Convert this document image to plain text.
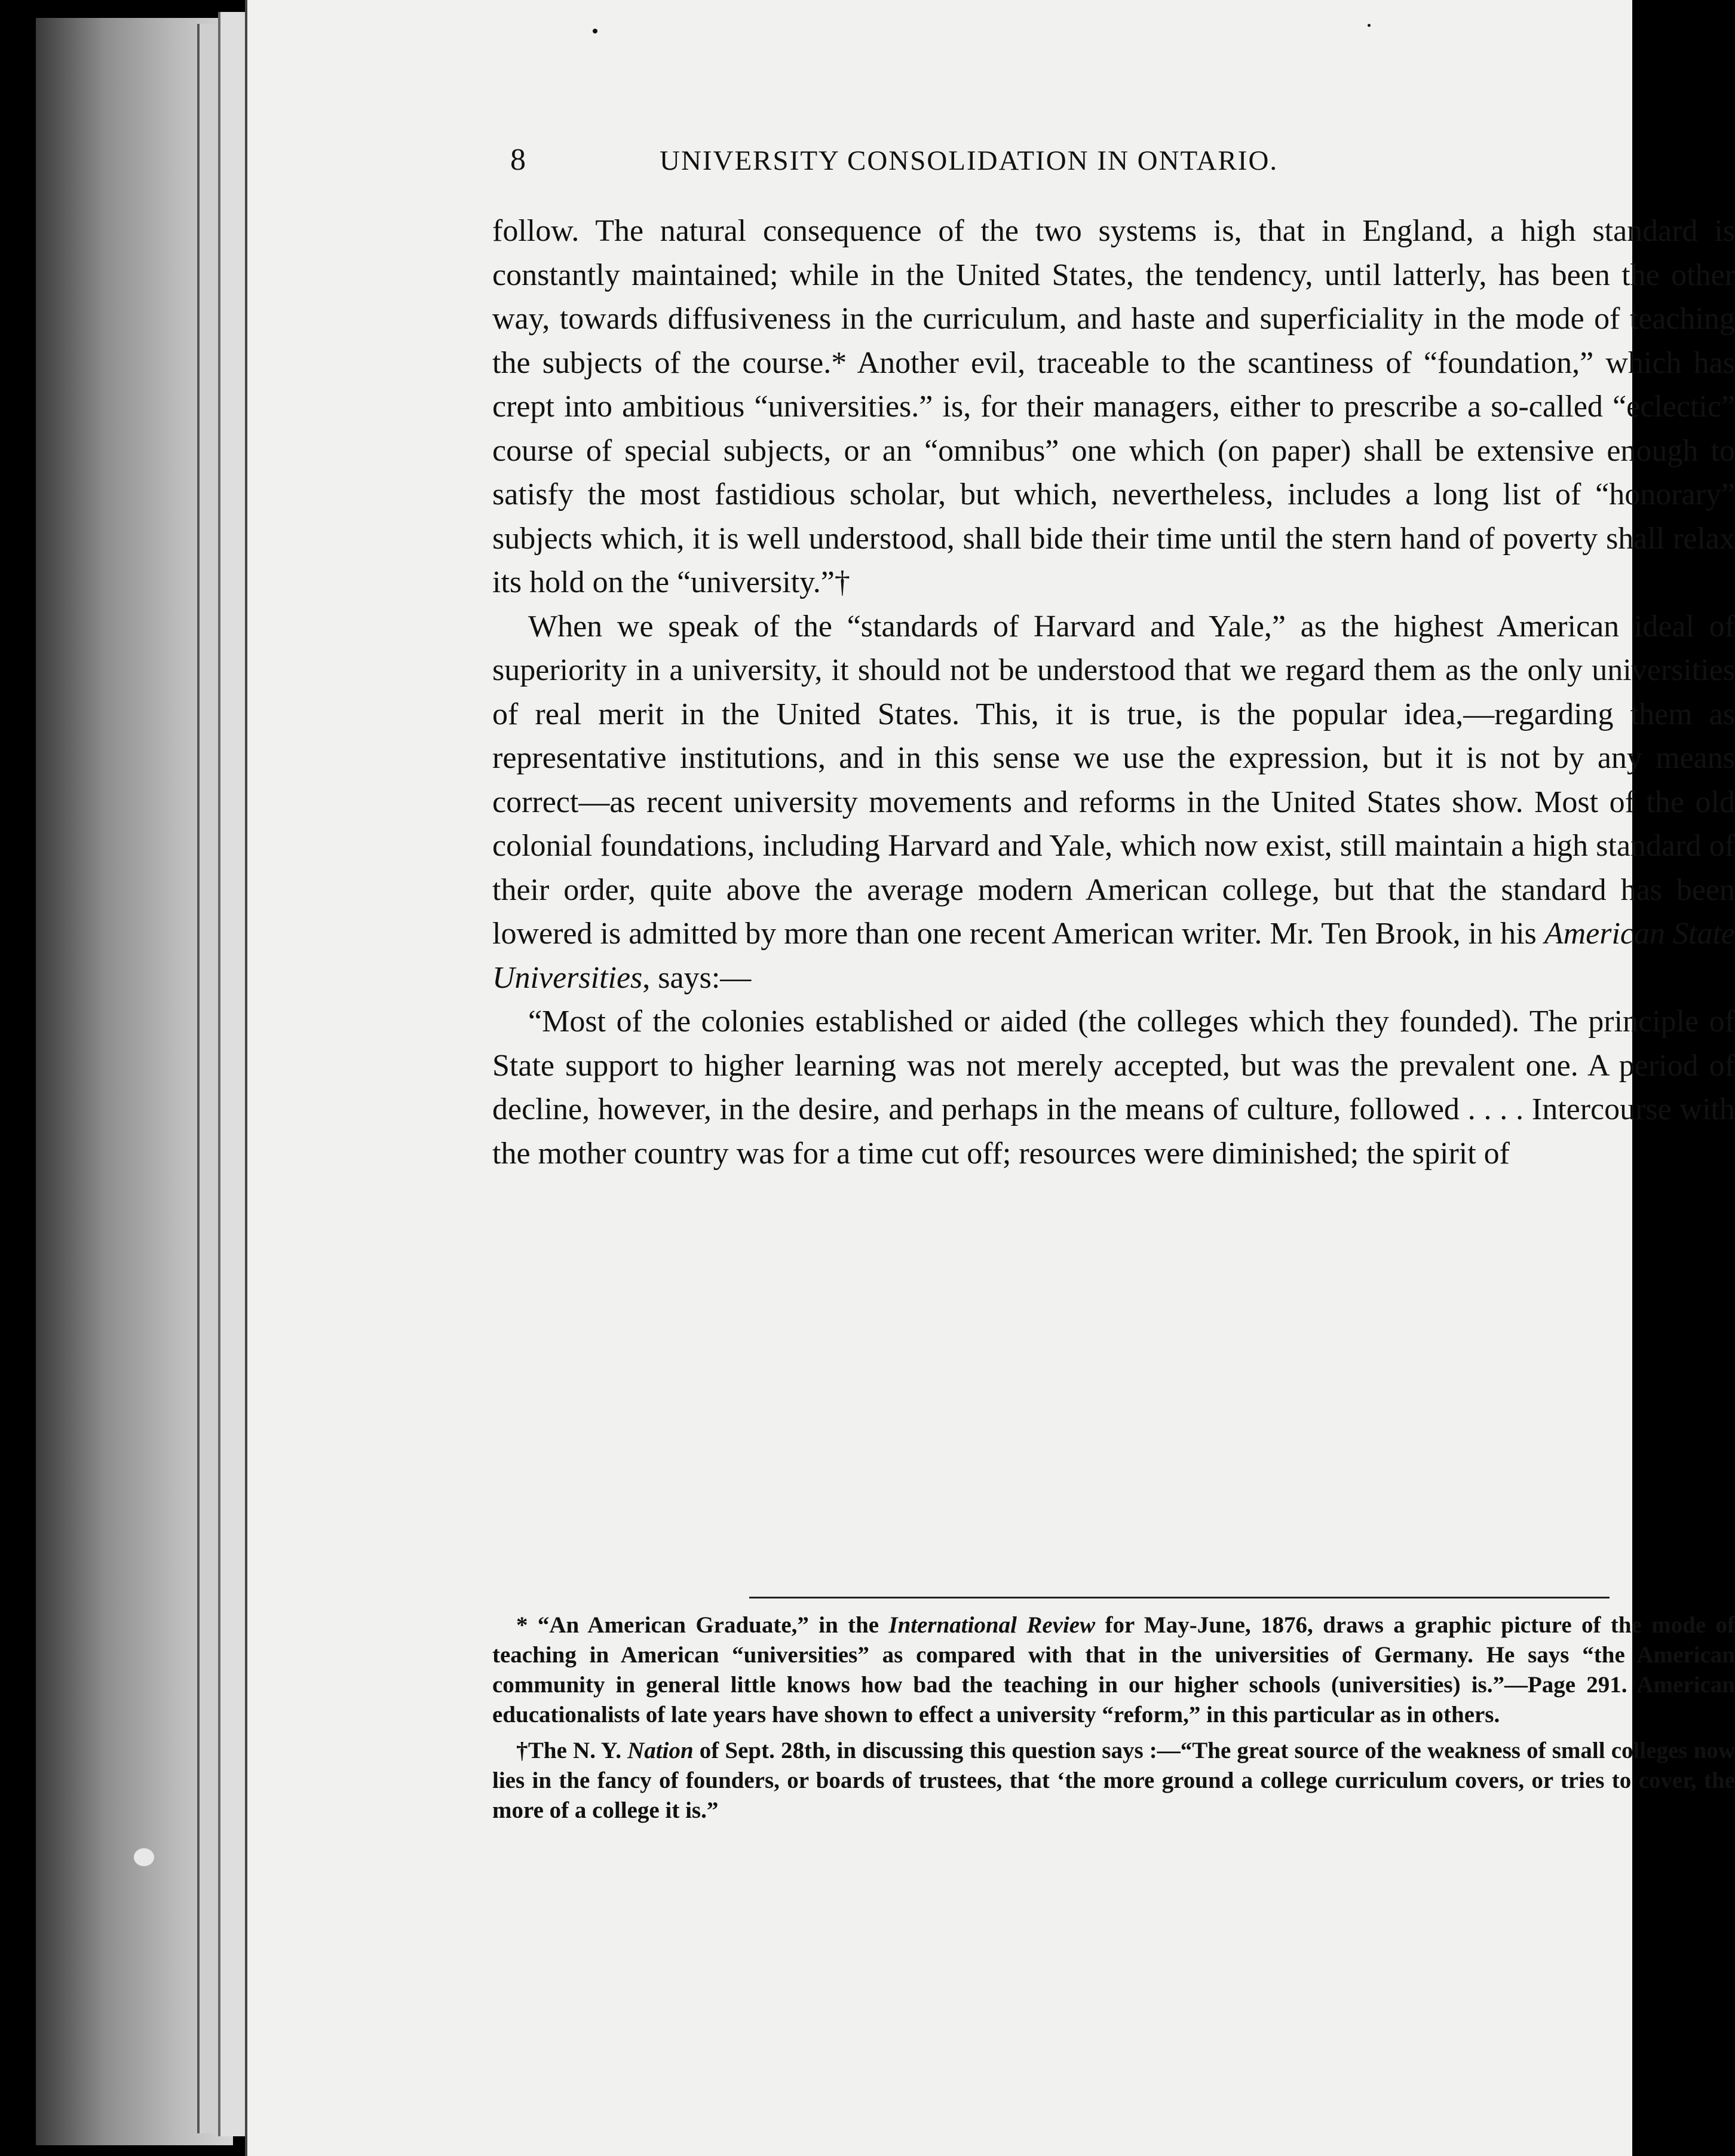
8	UNIVERSITY CONSOLIDATION IN ONTARIO.

follow. The natural consequence of the two systems is, that in England, a high standard is constantly maintained; while in the United States, the tendency, until latterly, has been the other way, towards diffusiveness in the curriculum, and haste and superficiality in the mode of teaching the subjects of the course.* Another evil, traceable to the scantiness of “foundation,” which has crept into ambitious “universities.” is, for their managers, either to prescribe a so-called “eclectic” course of special subjects, or an “omnibus” one which (on paper) shall be extensive enough to satisfy the most fastidious scholar, but which, nevertheless, includes a long list of “honorary” subjects which, it is well understood, shall bide their time until the stern hand of poverty shall relax its hold on the “university.”†

When we speak of the “standards of Harvard and Yale,” as the highest American ideal of superiority in a university, it should not be understood that we regard them as the only universities of real merit in the United States. This, it is true, is the popular idea,—regarding them as representative institutions, and in this sense we use the expression, but it is not by any means correct—as recent university movements and reforms in the United States show. Most of the old colonial foundations, including Harvard and Yale, which now exist, still maintain a high standard of their order, quite above the average modern American college, but that the standard has been lowered is admitted by more than one recent American writer. Mr. Ten Brook, in his American State Universities, says:—

“Most of the colonies established or aided (the colleges which they founded). The principle of State support to higher learning was not merely accepted, but was the prevalent one. A period of decline, however, in the desire, and perhaps in the means of culture, followed . . . . Intercourse with the mother country was for a time cut off; resources were diminished; the spirit of

* “An American Graduate,” in the International Review for May-June, 1876, draws a graphic picture of the mode of teaching in American “universities” as compared with that in the universities of Germany. He says “the American community in general little knows how bad the teaching in our higher schools (universities) is.”—Page 291. American educationalists of late years have shown to effect a university “reform,” in this particular as in others.

†The N. Y. Nation of Sept. 28th, in discussing this question says :—“The great source of the weakness of small colleges now lies in the fancy of founders, or boards of trustees, that ‘the more ground a college curriculum covers, or tries to cover, the more of a college it is.”
